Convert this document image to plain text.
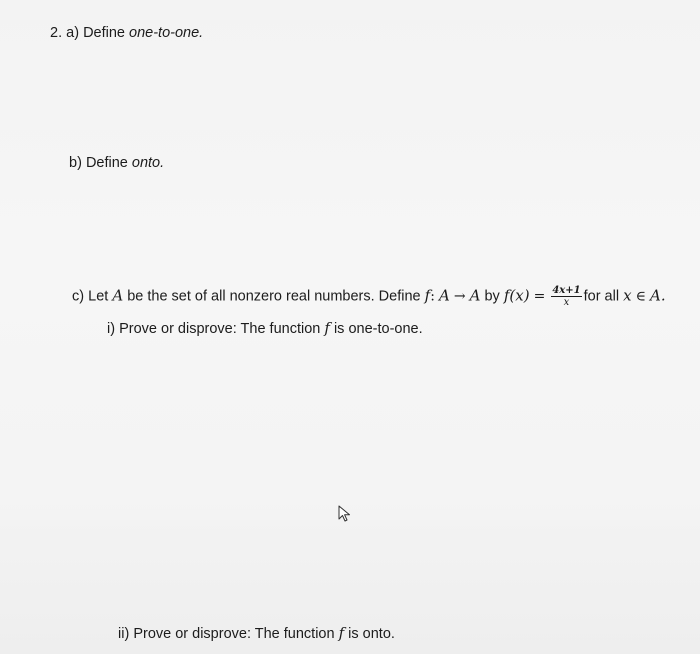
2. a) Define one-to-one.
b) Define onto.
c) Let A be the set of all nonzero real numbers. Define f: A → A by $f(x) = \frac{4x+1}{x}$ for all x ∈ A.
i) Prove or disprove: The function f is one-to-one.
ii) Prove or disprove: The function f is onto.
